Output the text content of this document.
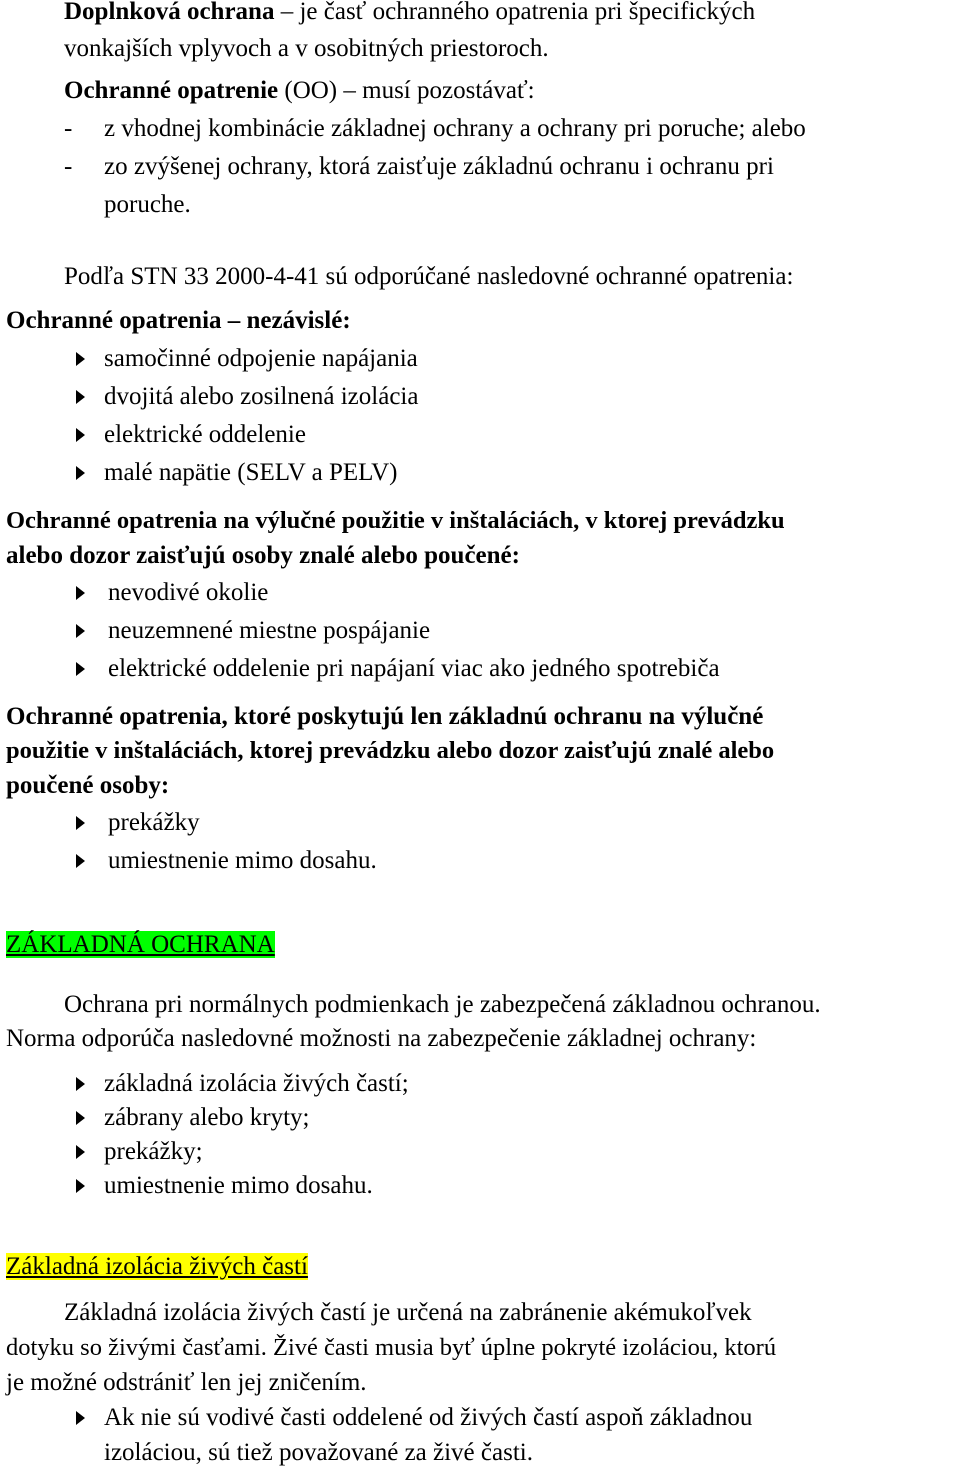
Doplnková ochrana – je časť ochranného opatrenia pri špecifických
vonkajších vplyvoch a v osobitných priestoroch.
Ochranné opatrenie (OO) – musí pozostávať:
- z vhodnej kombinácie základnej ochrany a ochrany pri poruche; alebo
- zo zvýšenej ochrany, ktorá zaisťuje základnú ochranu i ochranu pri
poruche.
Podľa STN 33 2000-4-41 sú odporúčané nasledovné ochranné opatrenia:
Ochranné opatrenia – nezávislé:
samočinné odpojenie napájania
dvojitá alebo zosilnená izolácia
elektrické oddelenie
malé napätie (SELV a PELV)
Ochranné opatrenia na výlučné použitie v inštaláciách, v ktorej prevádzku
alebo dozor zaisťujú osoby znalé alebo poučené:
nevodivé okolie
neuzemnené miestne pospájanie
elektrické oddelenie pri napájaní viac ako jedného spotrebiča
Ochranné opatrenia, ktoré poskytujú len základnú ochranu na výlučné
použitie v inštaláciách, ktorej prevádzku alebo dozor zaisťujú znalé alebo
poučené osoby:
prekážky
umiestnenie mimo dosahu.
ZÁKLADNÁ OCHRANA
Ochrana pri normálnych podmienkach je zabezpečená základnou ochranou.
Norma odporúča nasledovné možnosti na zabezpečenie základnej ochrany:
základná izolácia živých častí;
zábrany alebo kryty;
prekážky;
umiestnenie mimo dosahu.
Základná izolácia živých častí
Základná izolácia živých častí je určená na zabránenie akémukoľvek
dotyku so živými časťami. Živé časti musia byť úplne pokryté izoláciou, ktorú
je možné odstrániť len jej zničením.
Ak nie sú vodivé časti oddelené od živých častí aspoň základnou
izoláciou, sú tiež považované za živé časti.
